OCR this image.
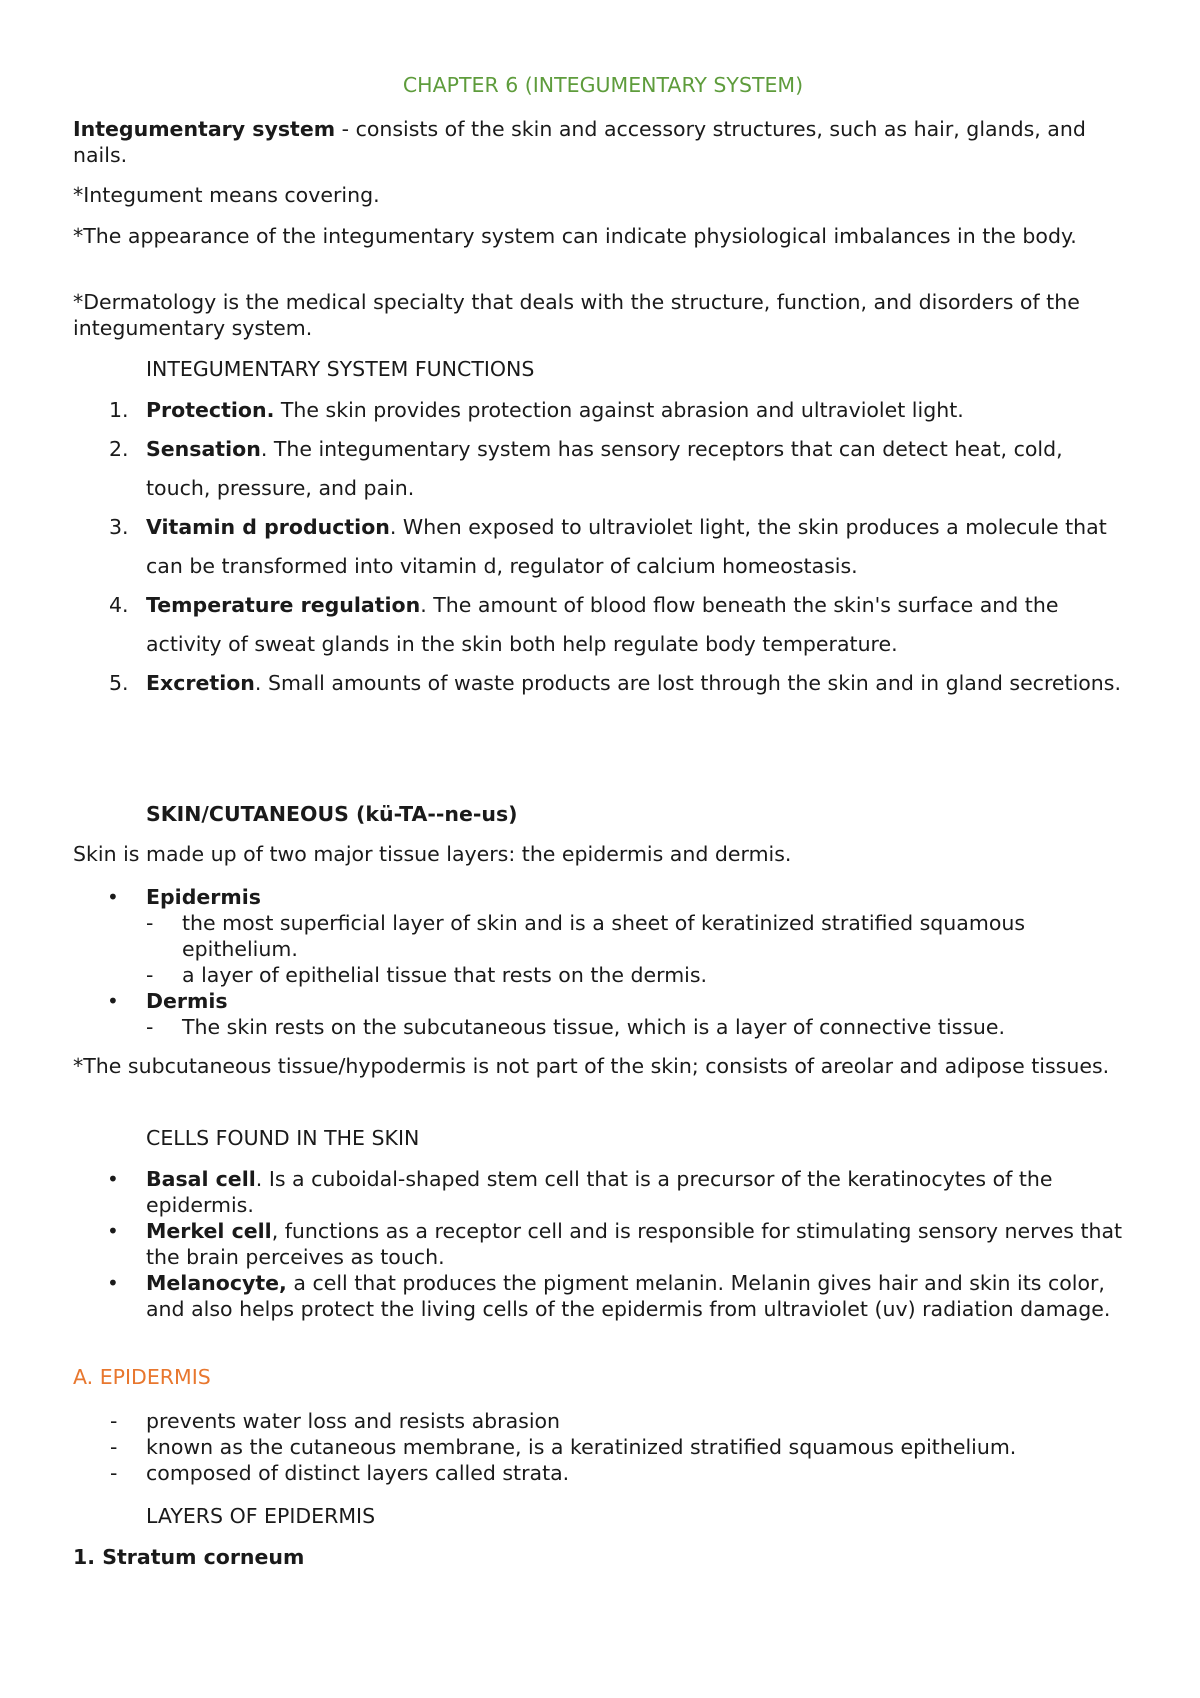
CHAPTER 6 (INTEGUMENTARY SYSTEM)

Integumentary system - consists of the skin and accessory structures, such as hair, glands, and nails.

*Integument means covering.

*The appearance of the integumentary system can indicate physiological imbalances in the body.

*Dermatology is the medical specialty that deals with the structure, function, and disorders of the integumentary system.

INTEGUMENTARY SYSTEM FUNCTIONS

1. Protection. The skin provides protection against abrasion and ultraviolet light.
2. Sensation. The integumentary system has sensory receptors that can detect heat, cold, touch, pressure, and pain.
3. Vitamin d production. When exposed to ultraviolet light, the skin produces a molecule that can be transformed into vitamin d, regulator of calcium homeostasis.
4. Temperature regulation. The amount of blood flow beneath the skin's surface and the activity of sweat glands in the skin both help regulate body temperature.
5. Excretion. Small amounts of waste products are lost through the skin and in gland secretions.

SKIN/CUTANEOUS (kü-TA--ne-us)

Skin is made up of two major tissue layers: the epidermis and dermis.

• Epidermis
- the most superficial layer of skin and is a sheet of keratinized stratified squamous epithelium.
- a layer of epithelial tissue that rests on the dermis.
• Dermis
- The skin rests on the subcutaneous tissue, which is a layer of connective tissue.

*The subcutaneous tissue/hypodermis is not part of the skin; consists of areolar and adipose tissues.

CELLS FOUND IN THE SKIN

• Basal cell. Is a cuboidal-shaped stem cell that is a precursor of the keratinocytes of the epidermis.
• Merkel cell, functions as a receptor cell and is responsible for stimulating sensory nerves that the brain perceives as touch.
• Melanocyte, a cell that produces the pigment melanin. Melanin gives hair and skin its color, and also helps protect the living cells of the epidermis from ultraviolet (uv) radiation damage.

A. EPIDERMIS

- prevents water loss and resists abrasion
- known as the cutaneous membrane, is a keratinized stratified squamous epithelium.
- composed of distinct layers called strata.

LAYERS OF EPIDERMIS

1. Stratum corneum
